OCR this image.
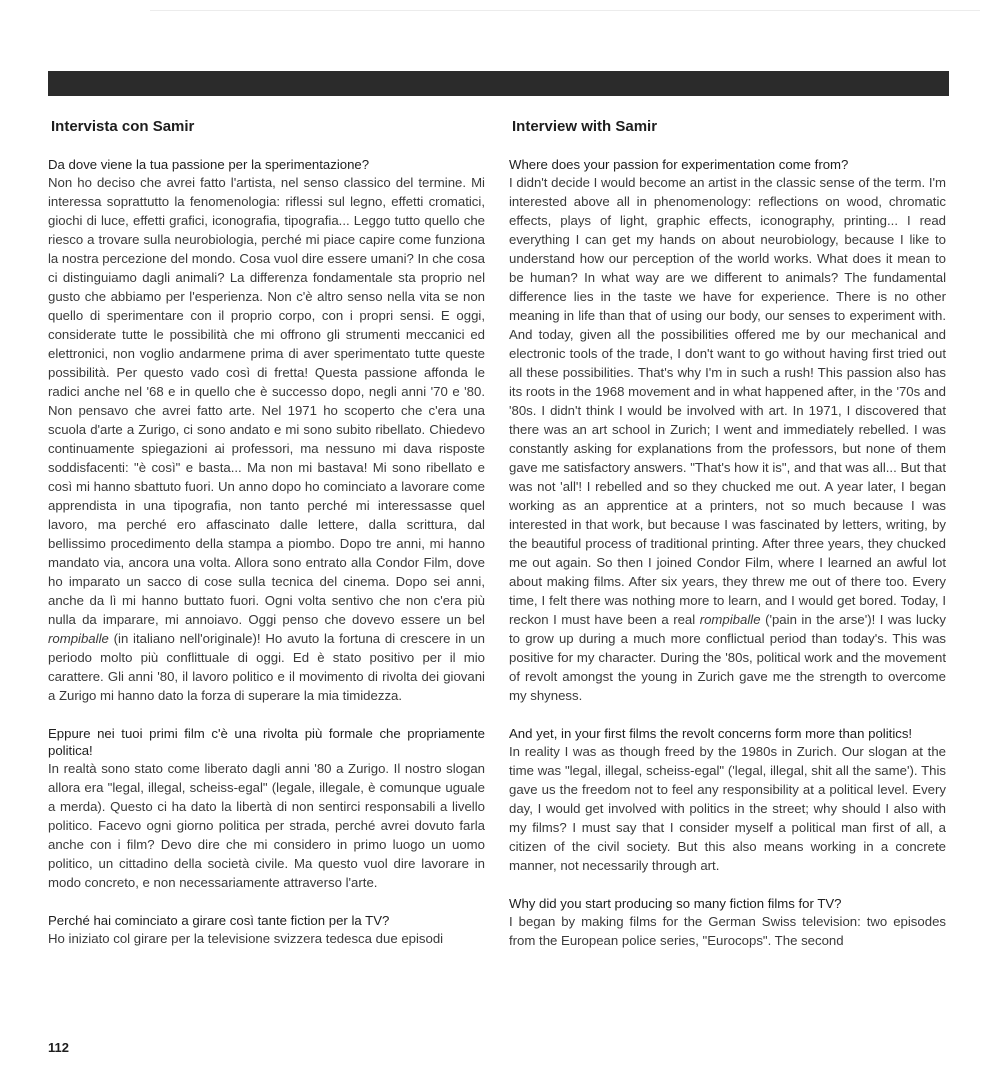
Intervista con Samir
Da dove viene la tua passione per la sperimentazione?
Non ho deciso che avrei fatto l'artista, nel senso classico del termine. Mi interessa soprattutto la fenomenologia: riflessi sul legno, effetti cromatici, giochi di luce, effetti grafici, iconografia, tipografia... Leggo tutto quello che riesco a trovare sulla neurobiologia, perché mi piace capire come funziona la nostra percezione del mondo. Cosa vuol dire essere umani? In che cosa ci distinguiamo dagli animali? La differenza fondamentale sta proprio nel gusto che abbiamo per l'esperienza. Non c'è altro senso nella vita se non quello di sperimentare con il proprio corpo, con i propri sensi. E oggi, considerate tutte le possibilità che mi offrono gli strumenti meccanici ed elettronici, non voglio andarmene prima di aver sperimentato tutte queste possibilità. Per questo vado così di fretta! Questa passione affonda le radici anche nel '68 e in quello che è successo dopo, negli anni '70 e '80. Non pensavo che avrei fatto arte. Nel 1971 ho scoperto che c'era una scuola d'arte a Zurigo, ci sono andato e mi sono subito ribellato. Chiedevo continuamente spiegazioni ai professori, ma nessuno mi dava risposte soddisfacenti: "è così" e basta... Ma non mi bastava! Mi sono ribellato e così mi hanno sbattuto fuori. Un anno dopo ho cominciato a lavorare come apprendista in una tipografia, non tanto perché mi interessasse quel lavoro, ma perché ero affascinato dalle lettere, dalla scrittura, dal bellissimo procedimento della stampa a piombo. Dopo tre anni, mi hanno mandato via, ancora una volta. Allora sono entrato alla Condor Film, dove ho imparato un sacco di cose sulla tecnica del cinema. Dopo sei anni, anche da lì mi hanno buttato fuori. Ogni volta sentivo che non c'era più nulla da imparare, mi annoiavo. Oggi penso che dovevo essere un bel rompiballe (in italiano nell'originale)! Ho avuto la fortuna di crescere in un periodo molto più conflittuale di oggi. Ed è stato positivo per il mio carattere. Gli anni '80, il lavoro politico e il movimento di rivolta dei giovani a Zurigo mi hanno dato la forza di superare la mia timidezza.
Eppure nei tuoi primi film c'è una rivolta più formale che propriamente politica!
In realtà sono stato come liberato dagli anni '80 a Zurigo. Il nostro slogan allora era "legal, illegal, scheiss-egal" (legale, illegale, è comunque uguale a merda). Questo ci ha dato la libertà di non sentirci responsabili a livello politico. Facevo ogni giorno politica per strada, perché avrei dovuto farla anche con i film? Devo dire che mi considero in primo luogo un uomo politico, un cittadino della società civile. Ma questo vuol dire lavorare in modo concreto, e non necessariamente attraverso l'arte.
Perché hai cominciato a girare così tante fiction per la TV?
Ho iniziato col girare per la televisione svizzera tedesca due episodi
Interview with Samir
Where does your passion for experimentation come from?
I didn't decide I would become an artist in the classic sense of the term. I'm interested above all in phenomenology: reflections on wood, chromatic effects, plays of light, graphic effects, iconography, printing... I read everything I can get my hands on about neurobiology, because I like to understand how our perception of the world works. What does it mean to be human? In what way are we different to animals? The fundamental difference lies in the taste we have for experience. There is no other meaning in life than that of using our body, our senses to experiment with. And today, given all the possibilities offered me by our mechanical and electronic tools of the trade, I don't want to go without having first tried out all these possibilities. That's why I'm in such a rush! This passion also has its roots in the 1968 movement and in what happened after, in the '70s and '80s. I didn't think I would be involved with art. In 1971, I discovered that there was an art school in Zurich; I went and immediately rebelled. I was constantly asking for explanations from the professors, but none of them gave me satisfactory answers. "That's how it is", and that was all... But that was not 'all'! I rebelled and so they chucked me out. A year later, I began working as an apprentice at a printers, not so much because I was interested in that work, but because I was fascinated by letters, writing, by the beautiful process of traditional printing. After three years, they chucked me out again. So then I joined Condor Film, where I learned an awful lot about making films. After six years, they threw me out of there too. Every time, I felt there was nothing more to learn, and I would get bored. Today, I reckon I must have been a real rompiballe ('pain in the arse')! I was lucky to grow up during a much more conflictual period than today's. This was positive for my character. During the '80s, political work and the movement of revolt amongst the young in Zurich gave me the strength to overcome my shyness.
And yet, in your first films the revolt concerns form more than politics!
In reality I was as though freed by the 1980s in Zurich. Our slogan at the time was "legal, illegal, scheiss-egal" ('legal, illegal, shit all the same'). This gave us the freedom not to feel any responsibility at a political level. Every day, I would get involved with politics in the street; why should I also with my films? I must say that I consider myself a political man first of all, a citizen of the civil society. But this also means working in a concrete manner, not necessarily through art.
Why did you start producing so many fiction films for TV?
I began by making films for the German Swiss television: two episodes from the European police series, "Eurocops". The second
112
